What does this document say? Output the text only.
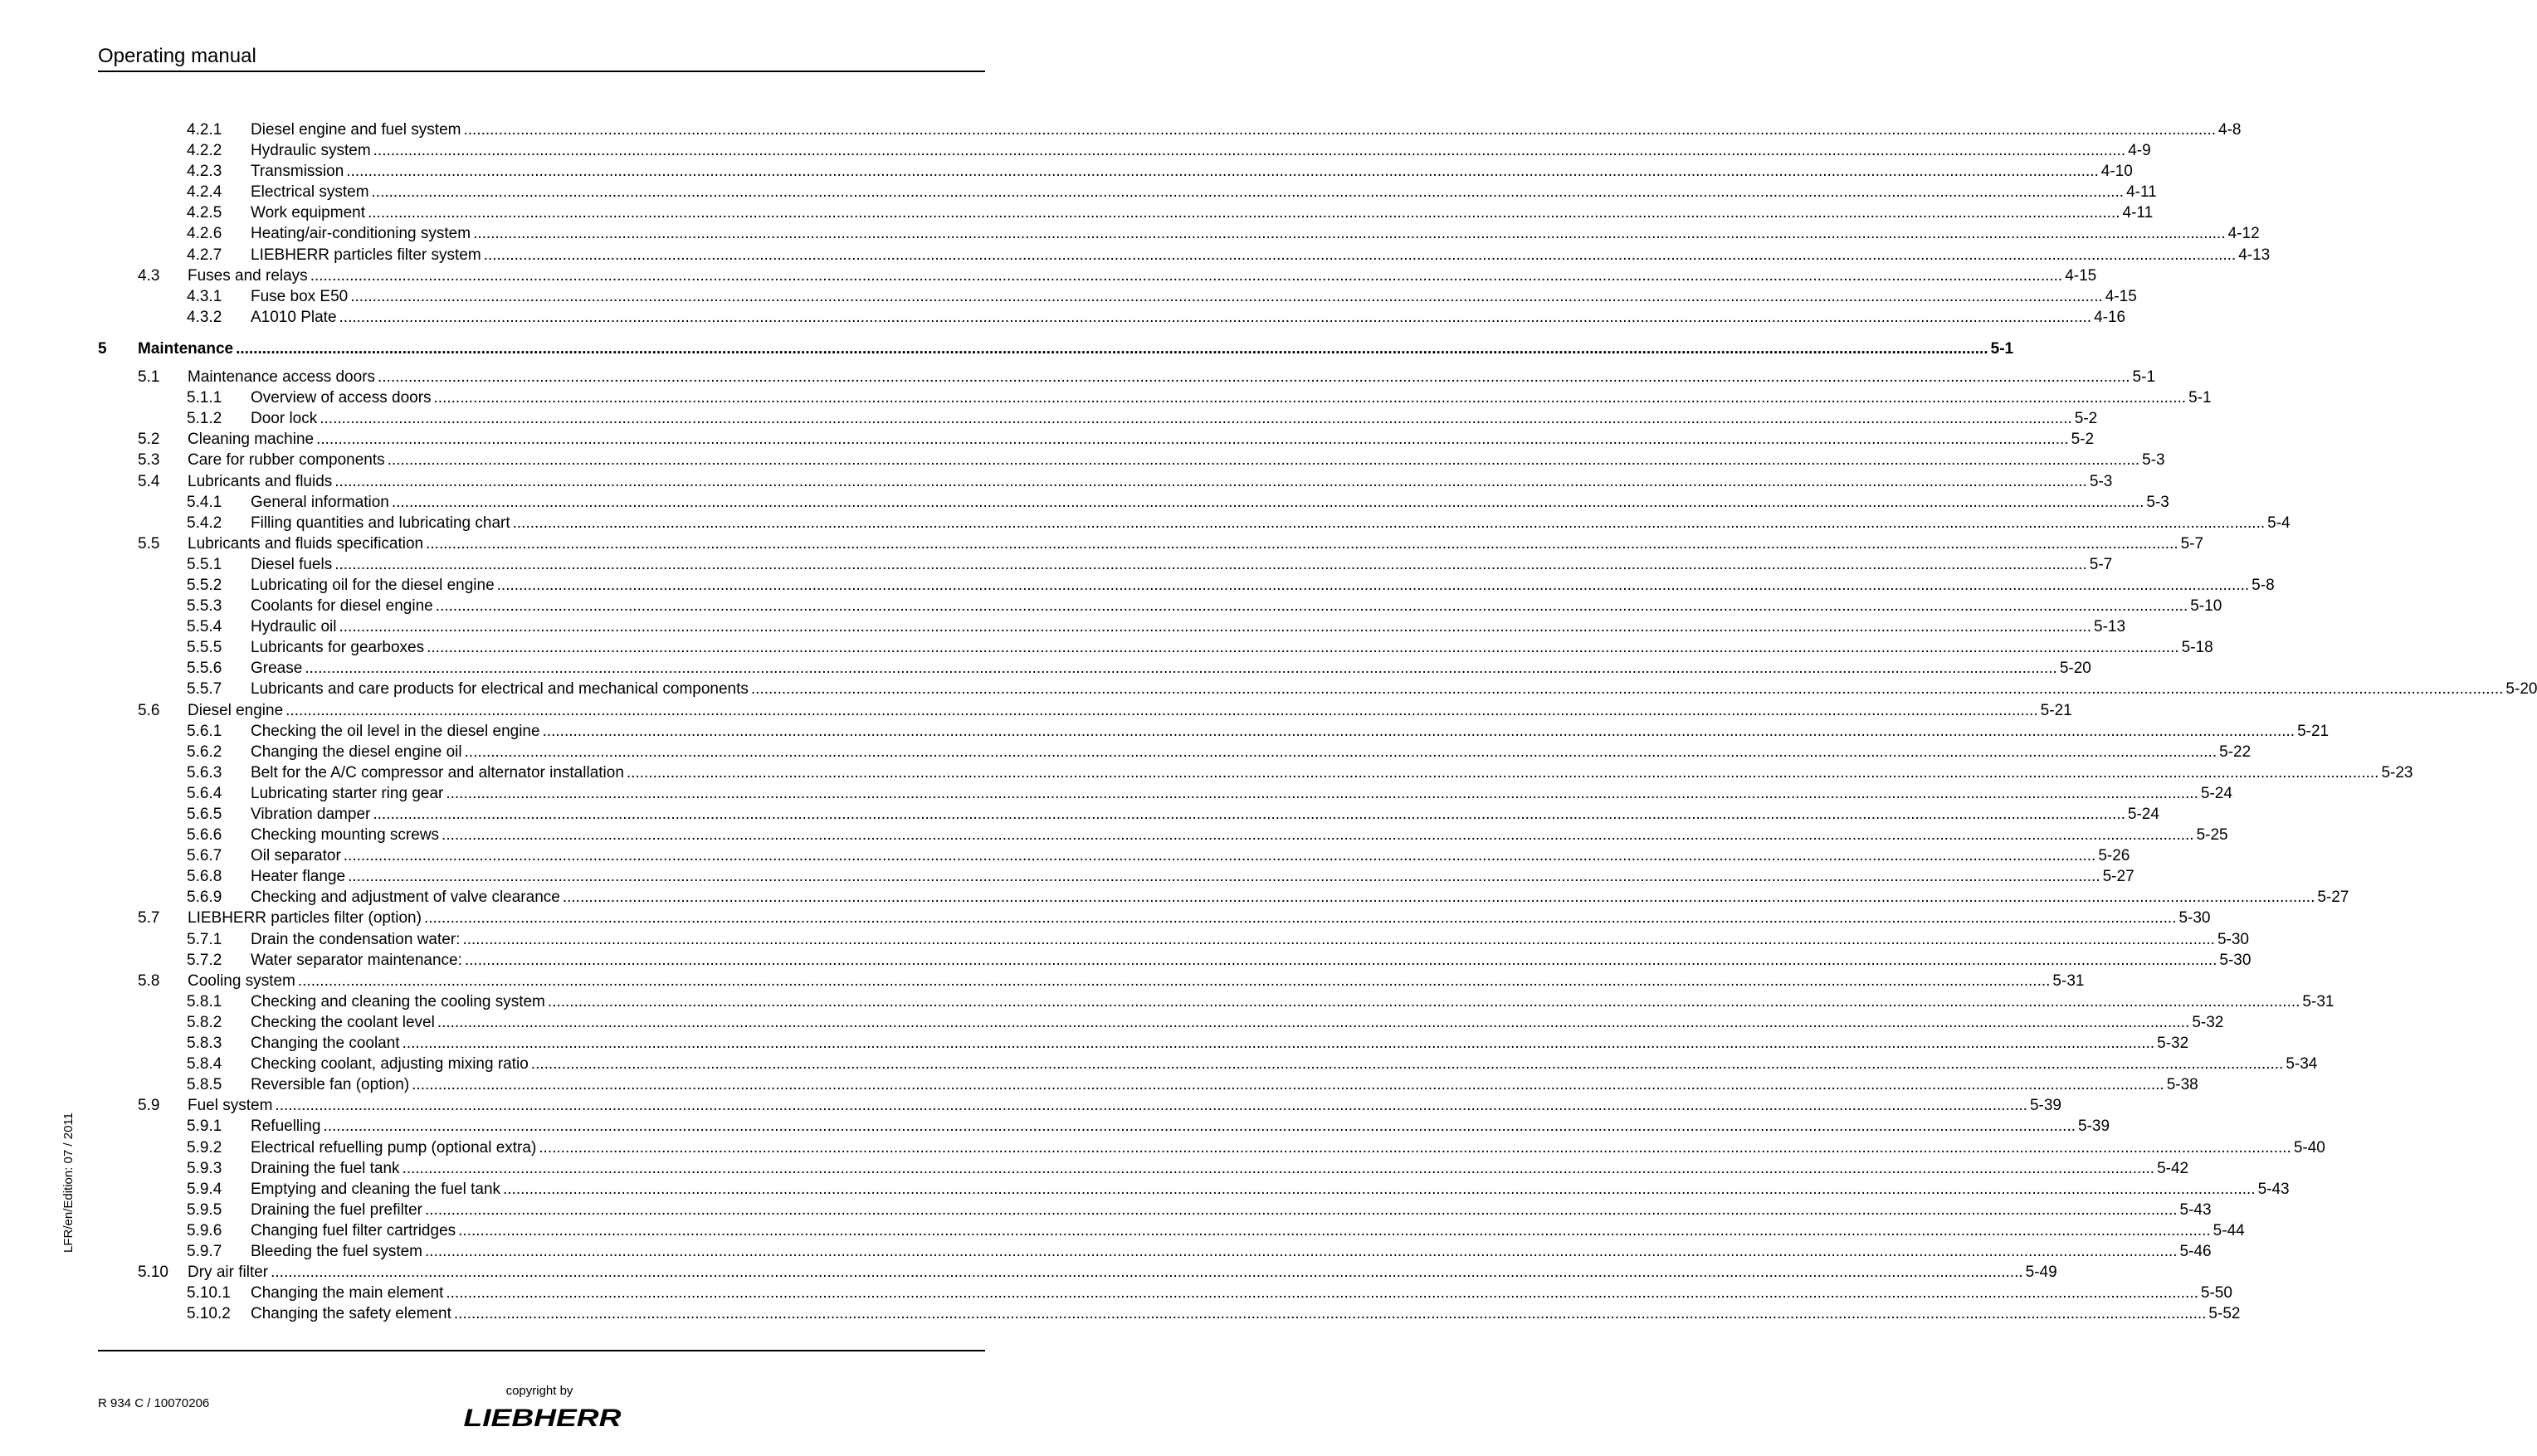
Operating manual
4.2.1 Diesel engine and fuel system ................................................................................................................................................................................................................................................................................................................................................................................................................ 4-8
4.2.2 Hydraulic system ................................................................................................................................................................................................................................................................................................................................................................................................................ 4-9
4.2.3 Transmission ................................................................................................................................................................................................................................................................................................................................................................................................................ 4-10
4.2.4 Electrical system ................................................................................................................................................................................................................................................................................................................................................................................................................ 4-11
4.2.5 Work equipment ................................................................................................................................................................................................................................................................................................................................................................................................................ 4-11
4.2.6 Heating/air-conditioning system ................................................................................................................................................................................................................................................................................................................................................................................................................ 4-12
4.2.7 LIEBHERR particles filter system ................................................................................................................................................................................................................................................................................................................................................................................................................ 4-13
4.3 Fuses and relays ................................................................................................................................................................................................................................................................................................................................................................................................................ 4-15
4.3.1 Fuse box E50 ................................................................................................................................................................................................................................................................................................................................................................................................................ 4-15
4.3.2 A1010 Plate ................................................................................................................................................................................................................................................................................................................................................................................................................ 4-16
5 Maintenance ................................................................................................................................................................................................................................................................................................................................................................................................................ 5-1
5.1 Maintenance access doors ................................................................................................................................................................................................................................................................................................................................................................................................................ 5-1
5.1.1 Overview of access doors ................................................................................................................................................................................................................................................................................................................................................................................................................ 5-1
5.1.2 Door lock ................................................................................................................................................................................................................................................................................................................................................................................................................ 5-2
5.2 Cleaning machine ................................................................................................................................................................................................................................................................................................................................................................................................................ 5-2
5.3 Care for rubber components ................................................................................................................................................................................................................................................................................................................................................................................................................ 5-3
5.4 Lubricants and fluids ................................................................................................................................................................................................................................................................................................................................................................................................................ 5-3
5.4.1 General information ................................................................................................................................................................................................................................................................................................................................................................................................................ 5-3
5.4.2 Filling quantities and lubricating chart ................................................................................................................................................................................................................................................................................................................................................................................................................ 5-4
5.5 Lubricants and fluids specification ................................................................................................................................................................................................................................................................................................................................................................................................................ 5-7
5.5.1 Diesel fuels ................................................................................................................................................................................................................................................................................................................................................................................................................ 5-7
5.5.2 Lubricating oil for the diesel engine ................................................................................................................................................................................................................................................................................................................................................................................................................ 5-8
5.5.3 Coolants for diesel engine ................................................................................................................................................................................................................................................................................................................................................................................................................ 5-10
5.5.4 Hydraulic oil ................................................................................................................................................................................................................................................................................................................................................................................................................ 5-13
5.5.5 Lubricants for gearboxes ................................................................................................................................................................................................................................................................................................................................................................................................................ 5-18
5.5.6 Grease ................................................................................................................................................................................................................................................................................................................................................................................................................ 5-20
5.5.7 Lubricants and care products for electrical and mechanical components ................................................................................................................................................................................................................................................................................................................................................................................................................ 5-20
5.6 Diesel engine ................................................................................................................................................................................................................................................................................................................................................................................................................ 5-21
5.6.1 Checking the oil level in the diesel engine ................................................................................................................................................................................................................................................................................................................................................................................................................ 5-21
5.6.2 Changing the diesel engine oil ................................................................................................................................................................................................................................................................................................................................................................................................................ 5-22
5.6.3 Belt for the A/C compressor and alternator installation ................................................................................................................................................................................................................................................................................................................................................................................................................ 5-23
5.6.4 Lubricating starter ring gear ................................................................................................................................................................................................................................................................................................................................................................................................................ 5-24
5.6.5 Vibration damper ................................................................................................................................................................................................................................................................................................................................................................................................................ 5-24
5.6.6 Checking mounting screws ................................................................................................................................................................................................................................................................................................................................................................................................................ 5-25
5.6.7 Oil separator ................................................................................................................................................................................................................................................................................................................................................................................................................ 5-26
5.6.8 Heater flange ................................................................................................................................................................................................................................................................................................................................................................................................................ 5-27
5.6.9 Checking and adjustment of valve clearance ................................................................................................................................................................................................................................................................................................................................................................................................................ 5-27
5.7 LIEBHERR particles filter (option) ................................................................................................................................................................................................................................................................................................................................................................................................................ 5-30
5.7.1 Drain the condensation water: ................................................................................................................................................................................................................................................................................................................................................................................................................ 5-30
5.7.2 Water separator maintenance: ................................................................................................................................................................................................................................................................................................................................................................................................................ 5-30
5.8 Cooling system ................................................................................................................................................................................................................................................................................................................................................................................................................ 5-31
5.8.1 Checking and cleaning the cooling system ................................................................................................................................................................................................................................................................................................................................................................................................................ 5-31
5.8.2 Checking the coolant level ................................................................................................................................................................................................................................................................................................................................................................................................................ 5-32
5.8.3 Changing the coolant ................................................................................................................................................................................................................................................................................................................................................................................................................ 5-32
5.8.4 Checking coolant, adjusting mixing ratio ................................................................................................................................................................................................................................................................................................................................................................................................................ 5-34
5.8.5 Reversible fan (option) ................................................................................................................................................................................................................................................................................................................................................................................................................ 5-38
5.9 Fuel system ................................................................................................................................................................................................................................................................................................................................................................................................................ 5-39
5.9.1 Refuelling ................................................................................................................................................................................................................................................................................................................................................................................................................ 5-39
5.9.2 Electrical refuelling pump (optional extra) ................................................................................................................................................................................................................................................................................................................................................................................................................ 5-40
5.9.3 Draining the fuel tank ................................................................................................................................................................................................................................................................................................................................................................................................................ 5-42
5.9.4 Emptying and cleaning the fuel tank ................................................................................................................................................................................................................................................................................................................................................................................................................ 5-43
5.9.5 Draining the fuel prefilter ................................................................................................................................................................................................................................................................................................................................................................................................................ 5-43
5.9.6 Changing fuel filter cartridges ................................................................................................................................................................................................................................................................................................................................................................................................................ 5-44
5.9.7 Bleeding the fuel system ................................................................................................................................................................................................................................................................................................................................................................................................................ 5-46
5.10 Dry air filter ................................................................................................................................................................................................................................................................................................................................................................................................................ 5-49
5.10.1 Changing the main element ................................................................................................................................................................................................................................................................................................................................................................................................................ 5-50
5.10.2 Changing the safety element ................................................................................................................................................................................................................................................................................................................................................................................................................ 5-52
LFR/en/Edition: 07 / 2011
R 934 C / 10070206
copyright by
LIEBHERR
